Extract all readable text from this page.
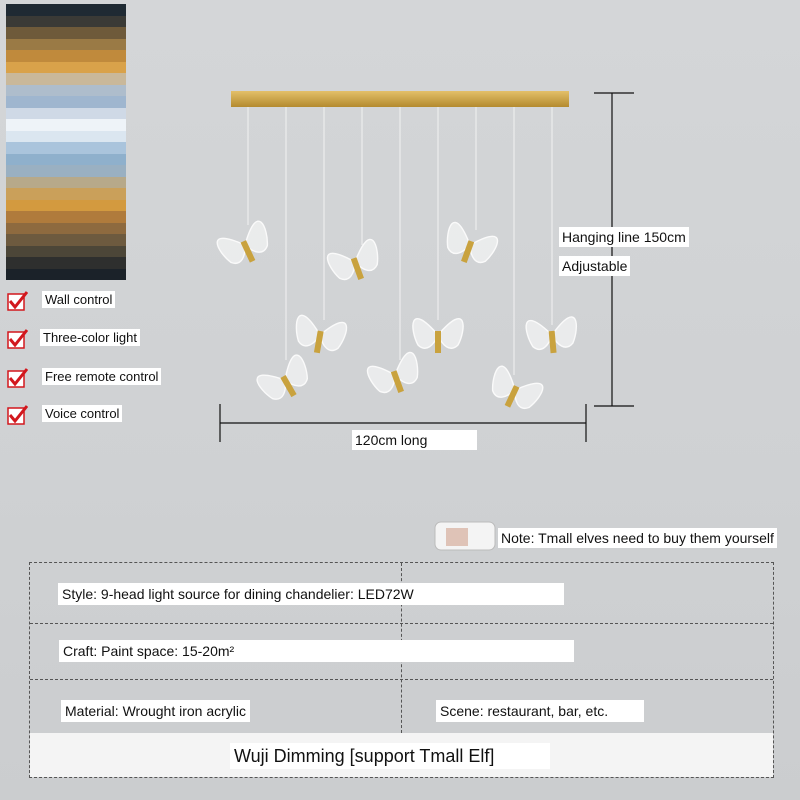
Wall control
Three-color light
Free remote control
Voice control
Hanging line 150cm
Adjustable
120cm long
Note: Tmall elves need to buy them yourself
Style: 9-head light source for dining chandelier: LED72W
Craft: Paint space: 15-20m²
Material: Wrought iron acrylic	Scene: restaurant, bar, etc.
Wuji Dimming [support Tmall Elf]
